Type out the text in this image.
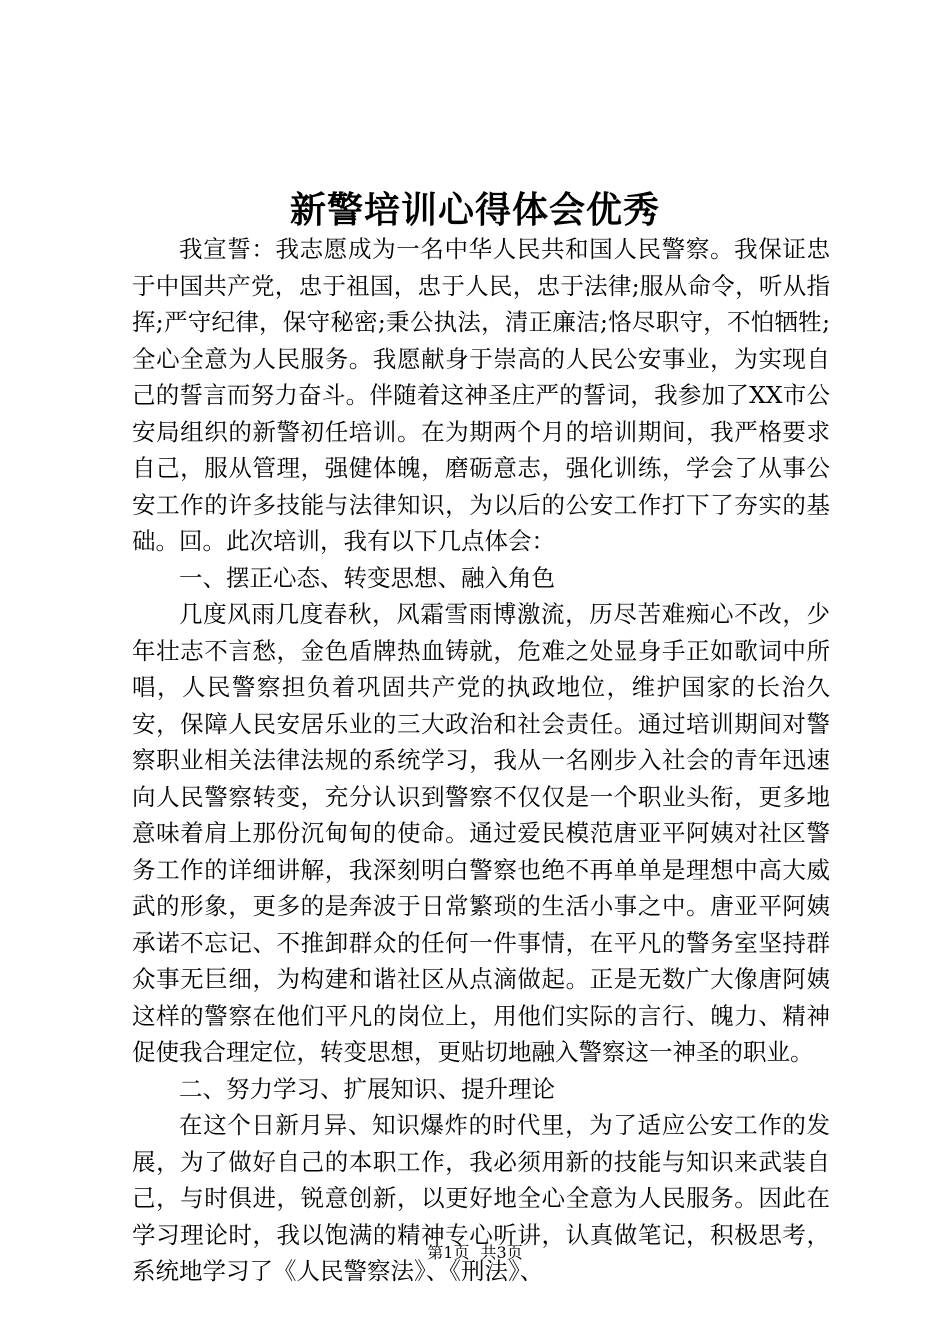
新警培训心得体会优秀

我宣誓：我志愿成为一名中华人民共和国人民警察。我保证忠于中国共产党，忠于祖国，忠于人民，忠于法律;服从命令，听从指挥;严守纪律，保守秘密;秉公执法，清正廉洁;恪尽职守，不怕牺牲;全心全意为人民服务。我愿献身于崇高的人民公安事业，为实现自己的誓言而努力奋斗。伴随着这神圣庄严的誓词，我参加了XX市公安局组织的新警初任培训。在为期两个月的培训期间，我严格要求自己，服从管理，强健体魄，磨砺意志，强化训练，学会了从事公安工作的许多技能与法律知识，为以后的公安工作打下了夯实的基础。回。此次培训，我有以下几点体会：

一、摆正心态、转变思想、融入角色

几度风雨几度春秋，风霜雪雨博激流，历尽苦难痴心不改，少年壮志不言愁，金色盾牌热血铸就，危难之处显身手正如歌词中所唱，人民警察担负着巩固共产党的执政地位，维护国家的长治久安，保障人民安居乐业的三大政治和社会责任。通过培训期间对警察职业相关法律法规的系统学习，我从一名刚步入社会的青年迅速向人民警察转变，充分认识到警察不仅仅是一个职业头衔，更多地意味着肩上那份沉甸甸的使命。通过爱民模范唐亚平阿姨对社区警务工作的详细讲解，我深刻明白警察也绝不再单单是理想中高大威武的形象，更多的是奔波于日常繁琐的生活小事之中。唐亚平阿姨承诺不忘记、不推卸群众的任何一件事情，在平凡的警务室坚持群众事无巨细，为构建和谐社区从点滴做起。正是无数广大像唐阿姨这样的警察在他们平凡的岗位上，用他们实际的言行、魄力、精神促使我合理定位，转变思想，更贴切地融入警察这一神圣的职业。

二、努力学习、扩展知识、提升理论

在这个日新月异、知识爆炸的时代里，为了适应公安工作的发展，为了做好自己的本职工作，我必须用新的技能与知识来武装自己，与时俱进，锐意创新，以更好地全心全意为人民服务。因此在学习理论时，我以饱满的精神专心听讲，认真做笔记，积极思考，系统地学习了《人民警察法》、《刑法》、

第1页 共3页
